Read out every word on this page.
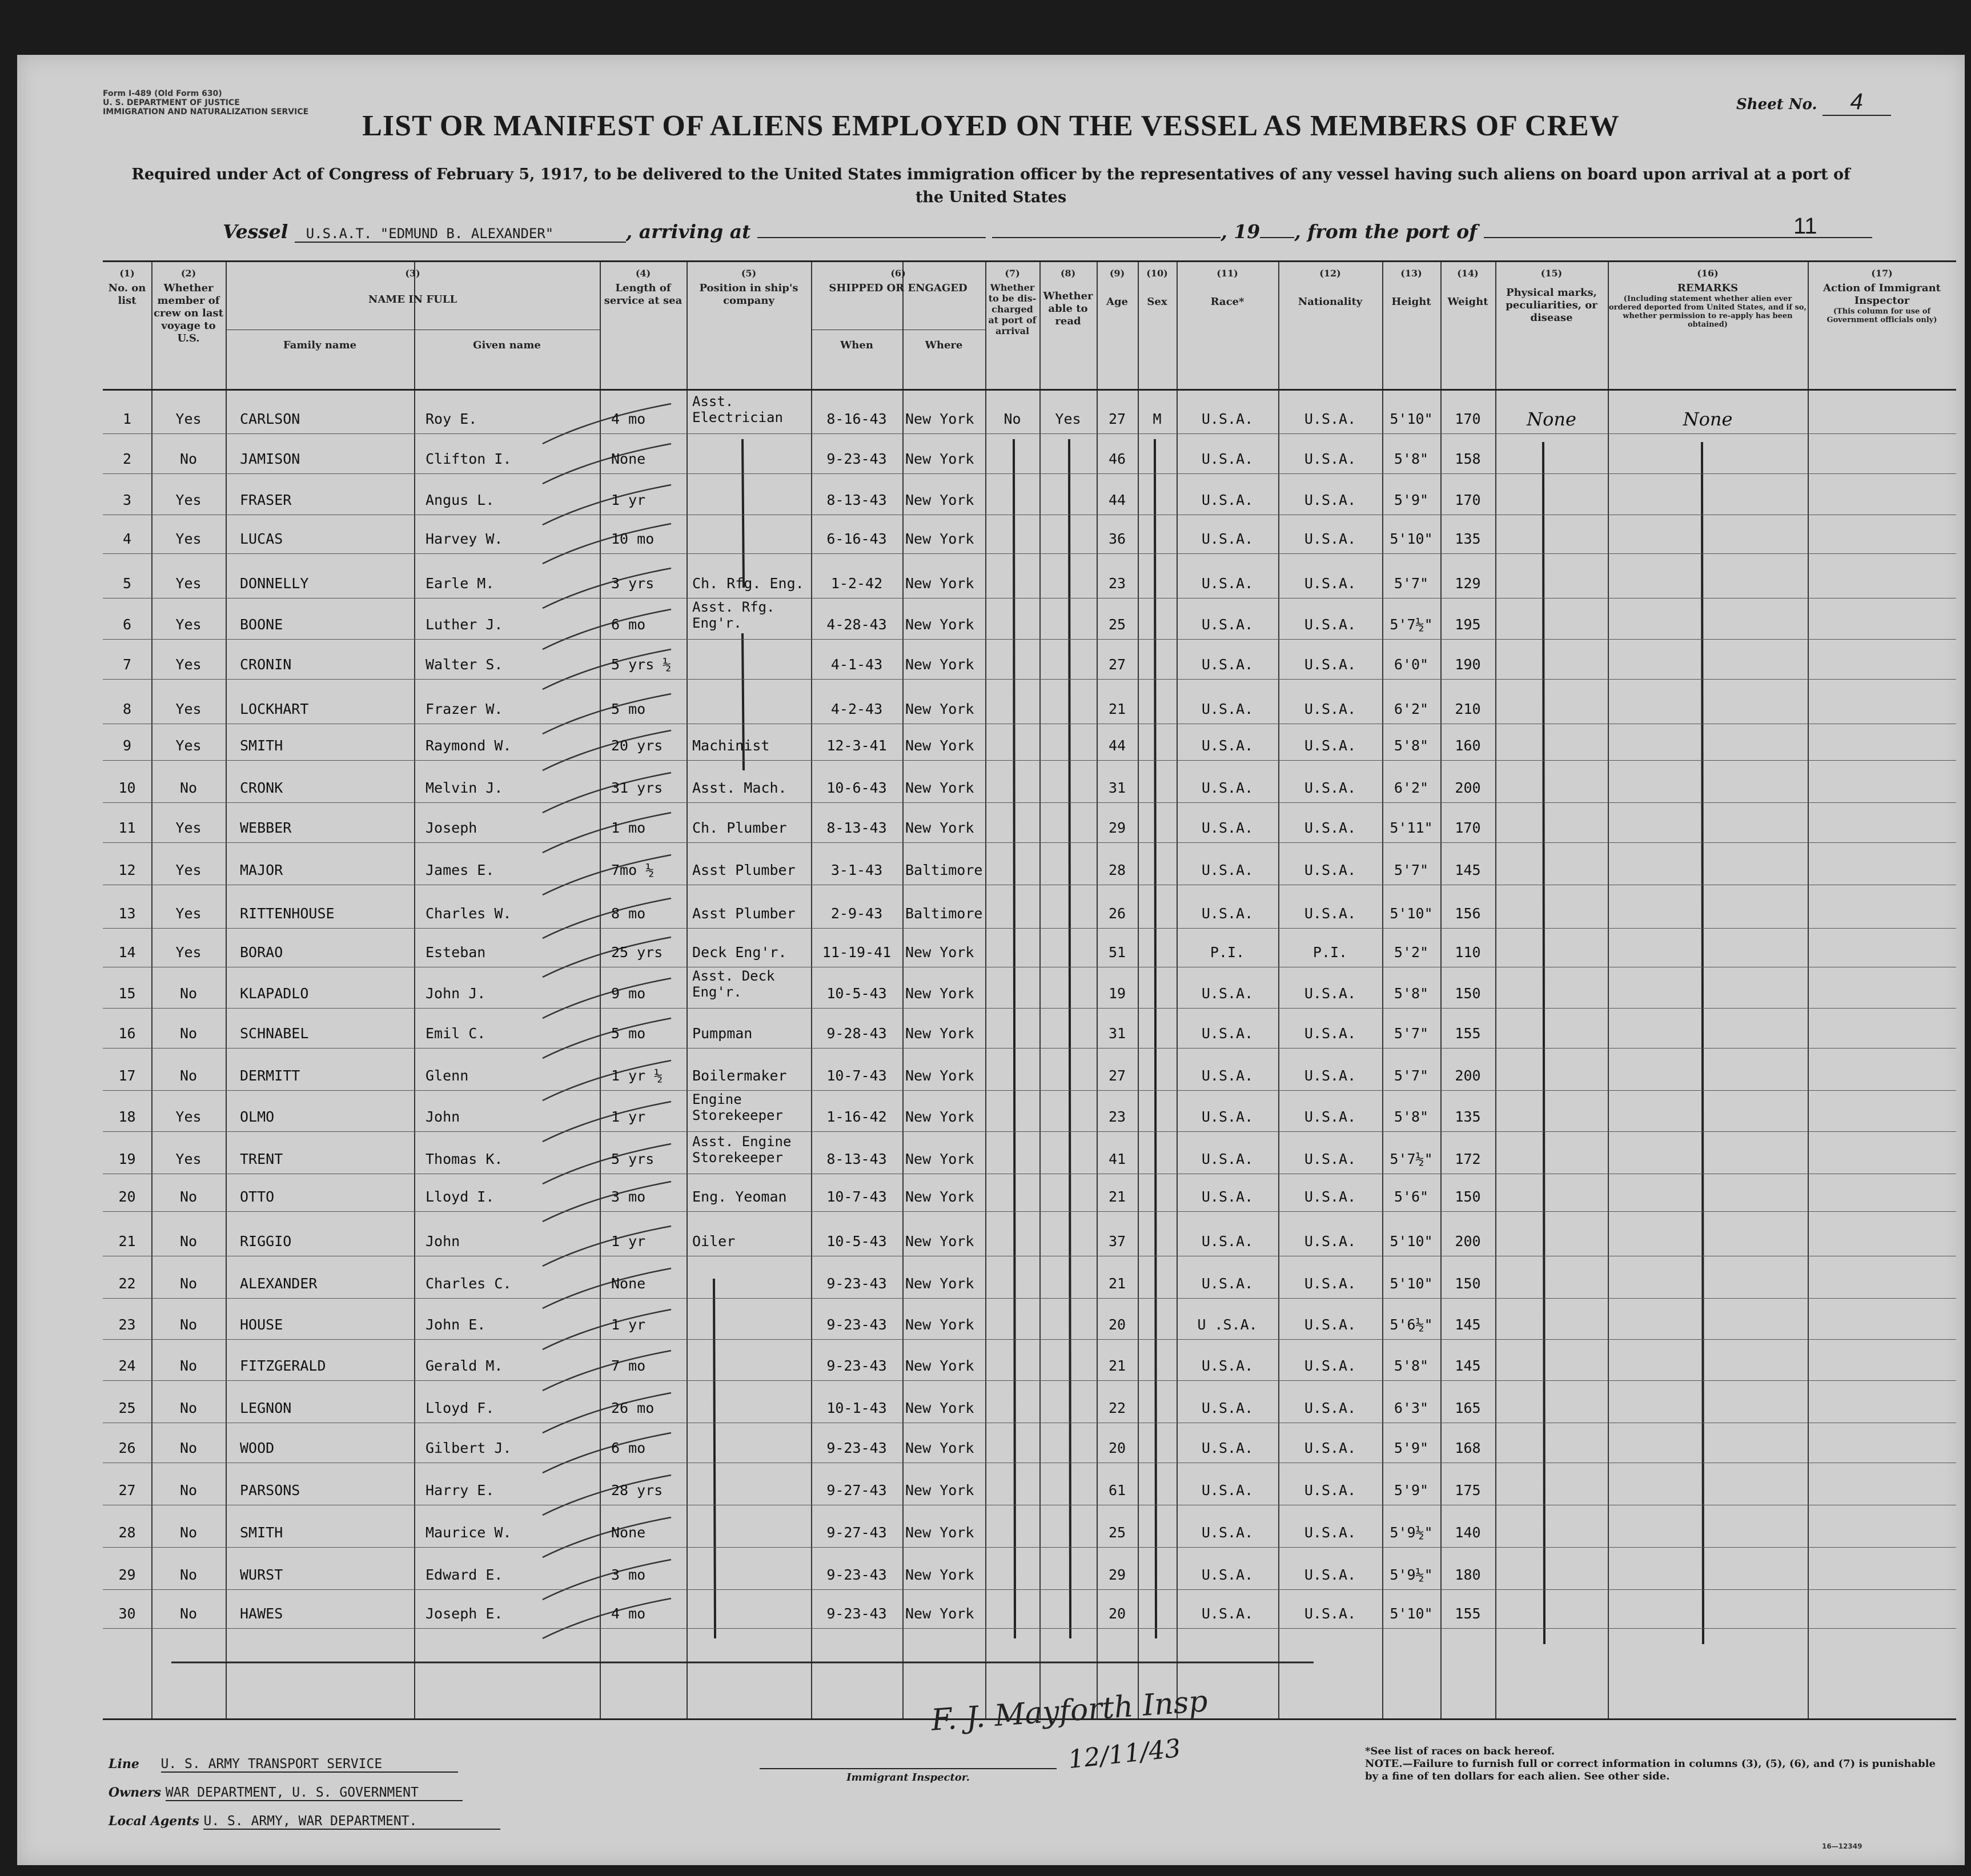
Form I-489 (Old Form 630)
U. S. DEPARTMENT OF JUSTICE
IMMIGRATION AND NATURALIZATION SERVICE	Sheet No. 4
LIST OR MANIFEST OF ALIENS EMPLOYED ON THE VESSEL AS MEMBERS OF CREW
Required under Act of Congress of February 5, 1917, to be delivered to the United States immigration officer by the representatives of any vessel having such aliens on board upon arrival at a port of the United States
Vessel U.S.A.T. "EDMUND B. ALEXANDER"	, arriving at	, 19 , from the port of	11
(1)
No. on list
(2)
Whether member of crew on last voyage to U.S.
(3)
NAME IN FULL
Family name	Given name
(4)
Length of service at sea
(5)
Position in ship's company
(6)
SHIPPED OR ENGAGED
When	Where
(7)
Whether to be dis-charged at port of arrival
(8)
Whether able to read
(9)
Age
(10)
Sex
(11)
Race*
(12)
Nationality
(13)
Height
(14)
Weight
(15)
Physical marks, peculiarities, or disease
(16)
REMARKS
(Including statement whether alien ever ordered deported from United States, and if so, whether permission to re-apply has been obtained)
(17)
Action of Immigrant Inspector
(This column for use of Government officials only)
1	Yes	CARLSON	Roy E.	4 mo
Asst. Electrician	8-16-43	New York	No	Yes	27	M	U.S.A.	U.S.A.	5'10"	170	None	None
2	No	JAMISON	Clifton I.	None	9-23-43	New York	46	U.S.A.	U.S.A.	5'8"	158
3	Yes	FRASER	Angus L.	1 yr	8-13-43	New York	44	U.S.A.	U.S.A.	5'9"	170
4	Yes	LUCAS	Harvey W.	10 mo	6-16-43	New York	36	U.S.A.	U.S.A.	5'10"	135
5	Yes	DONNELLY	Earle M.	3 yrs	Ch. Rfg. Eng.	1-2-42	New York	23	U.S.A.	U.S.A.	5'7"	129
6	Yes	BOONE	Luther J.	6 mo
Asst. Rfg. Eng'r.	4-28-43	New York	25	U.S.A.	U.S.A.	5'7½"	195
7	Yes	CRONIN	Walter S.	5 yrs ½	4-1-43	New York	27	U.S.A.	U.S.A.	6'0"	190
8	Yes	LOCKHART	Frazer W.	5 mo	4-2-43	New York	21	U.S.A.	U.S.A.	6'2"	210
9	Yes	SMITH	Raymond W.	20 yrs	Machinist	12-3-41	New York	44	U.S.A.	U.S.A.	5'8"	160
10	No	CRONK	Melvin J.	31 yrs	Asst. Mach.	10-6-43	New York	31	U.S.A.	U.S.A.	6'2"	200
11	Yes	WEBBER	Joseph	1 mo	Ch. Plumber	8-13-43	New York	29	U.S.A.	U.S.A.	5'11"	170
12	Yes	MAJOR	James E.	7mo ½	Asst Plumber	3-1-43	Baltimore	28	U.S.A.	U.S.A.	5'7"	145
13	Yes	RITTENHOUSE	Charles W.	8 mo	Asst Plumber	2-9-43	Baltimore	26	U.S.A.	U.S.A.	5'10"	156
14	Yes	BORAO	Esteban	25 yrs	Deck Eng'r.	11-19-41 New York	51	P.I.	P.I.	5'2"	110
15	No	KLAPADLO	John J.	9 mo
Asst. Deck Eng'r.	10-5-43	New York	19	U.S.A.	U.S.A.	5'8"	150
16	No	SCHNABEL	Emil C.	5 mo	Pumpman	9-28-43	New York	31	U.S.A.	U.S.A.	5'7"	155
17	No	DERMITT	Glenn	1 yr ½	Boilermaker	10-7-43	New York	27	U.S.A.	U.S.A.	5'7"	200
18	Yes	OLMO	John	1 yr
Engine Storekeeper	1-16-42	New York	23	U.S.A.	U.S.A.	5'8"	135
19	Yes	TRENT	Thomas K.	5 yrs
Asst. Engine Storekeeper	8-13-43	New York	41	U.S.A.	U.S.A.	5'7½"	172
20	No	OTTO	Lloyd I.	3 mo	Eng. Yeoman	10-7-43	New York	21	U.S.A.	U.S.A.	5'6"	150
21	No	RIGGIO	John	1 yr	Oiler	10-5-43	New York	37	U.S.A.	U.S.A.	5'10"	200
22	No	ALEXANDER	Charles C.	None	9-23-43	New York	21	U.S.A.	U.S.A.	5'10"	150
23	No	HOUSE	John E.	1 yr	9-23-43	New York	20	U .S.A.	U.S.A.	5'6½"	145
24	No	FITZGERALD	Gerald M.	7 mo	9-23-43	New York	21	U.S.A.	U.S.A.	5'8"	145
25	No	LEGNON	Lloyd F.	26 mo	10-1-43	New York	22	U.S.A.	U.S.A.	6'3"	165
26	No	WOOD	Gilbert J.	6 mo	9-23-43	New York	20	U.S.A.	U.S.A.	5'9"	168
27	No	PARSONS	Harry E.	28 yrs	9-27-43	New York	61	U.S.A.	U.S.A.	5'9"	175
28	No	SMITH	Maurice W.	None	9-27-43	New York	25	U.S.A.	U.S.A.	5'9½"	140
29	No	WURST	Edward E.	3 mo	9-23-43	New York	29	U.S.A.	U.S.A.	5'9½"	180
30	No	HAWES	Joseph E.	4 mo	9-23-43	New York	20	U.S.A.	U.S.A.	5'10"	155
Line U. S. ARMY TRANSPORT SERVICE
Owners WAR DEPARTMENT, U. S. GOVERNMENT
Local Agents U. S. ARMY, WAR DEPARTMENT.
F. J. Mayforth Insp
12/11/43
Immigrant Inspector.
*See list of races on back hereof.
NOTE.—Failure to furnish full or correct information in columns (3), (5), (6), and (7) is punishable by a fine of ten dollars for each alien. See other side.
16—12349
